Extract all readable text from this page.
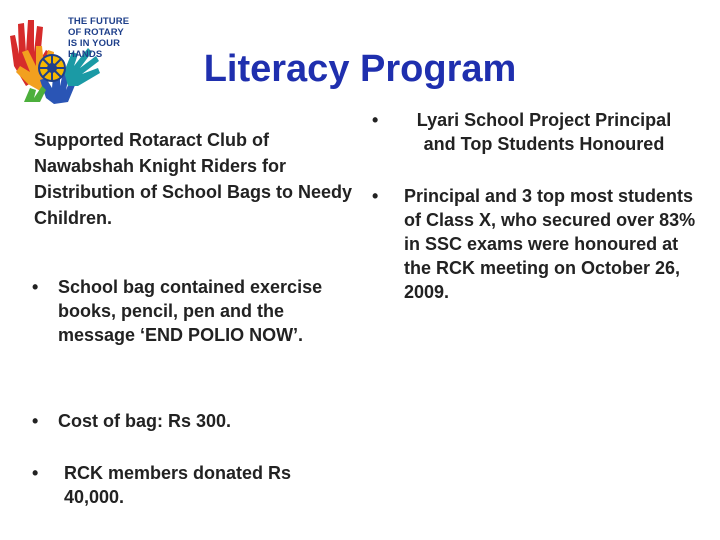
THE FUTURE OF ROTARY
IS IN YOUR HANDS	Literacy Program

Supported Rotaract Club of Nawabshah Knight Riders for Distribution of School Bags to Needy Children.

•	School bag contained exercise books, pencil, pen and the message ‘END POLIO NOW’.
•	Cost of bag: Rs 300.
•	RCK members donated Rs 40,000.
•	Lyari School Project Principal and Top Students Honoured
•	Principal and 3 top most students of Class X, who secured over 83% in SSC exams were honoured at the RCK meeting on October 26, 2009.
